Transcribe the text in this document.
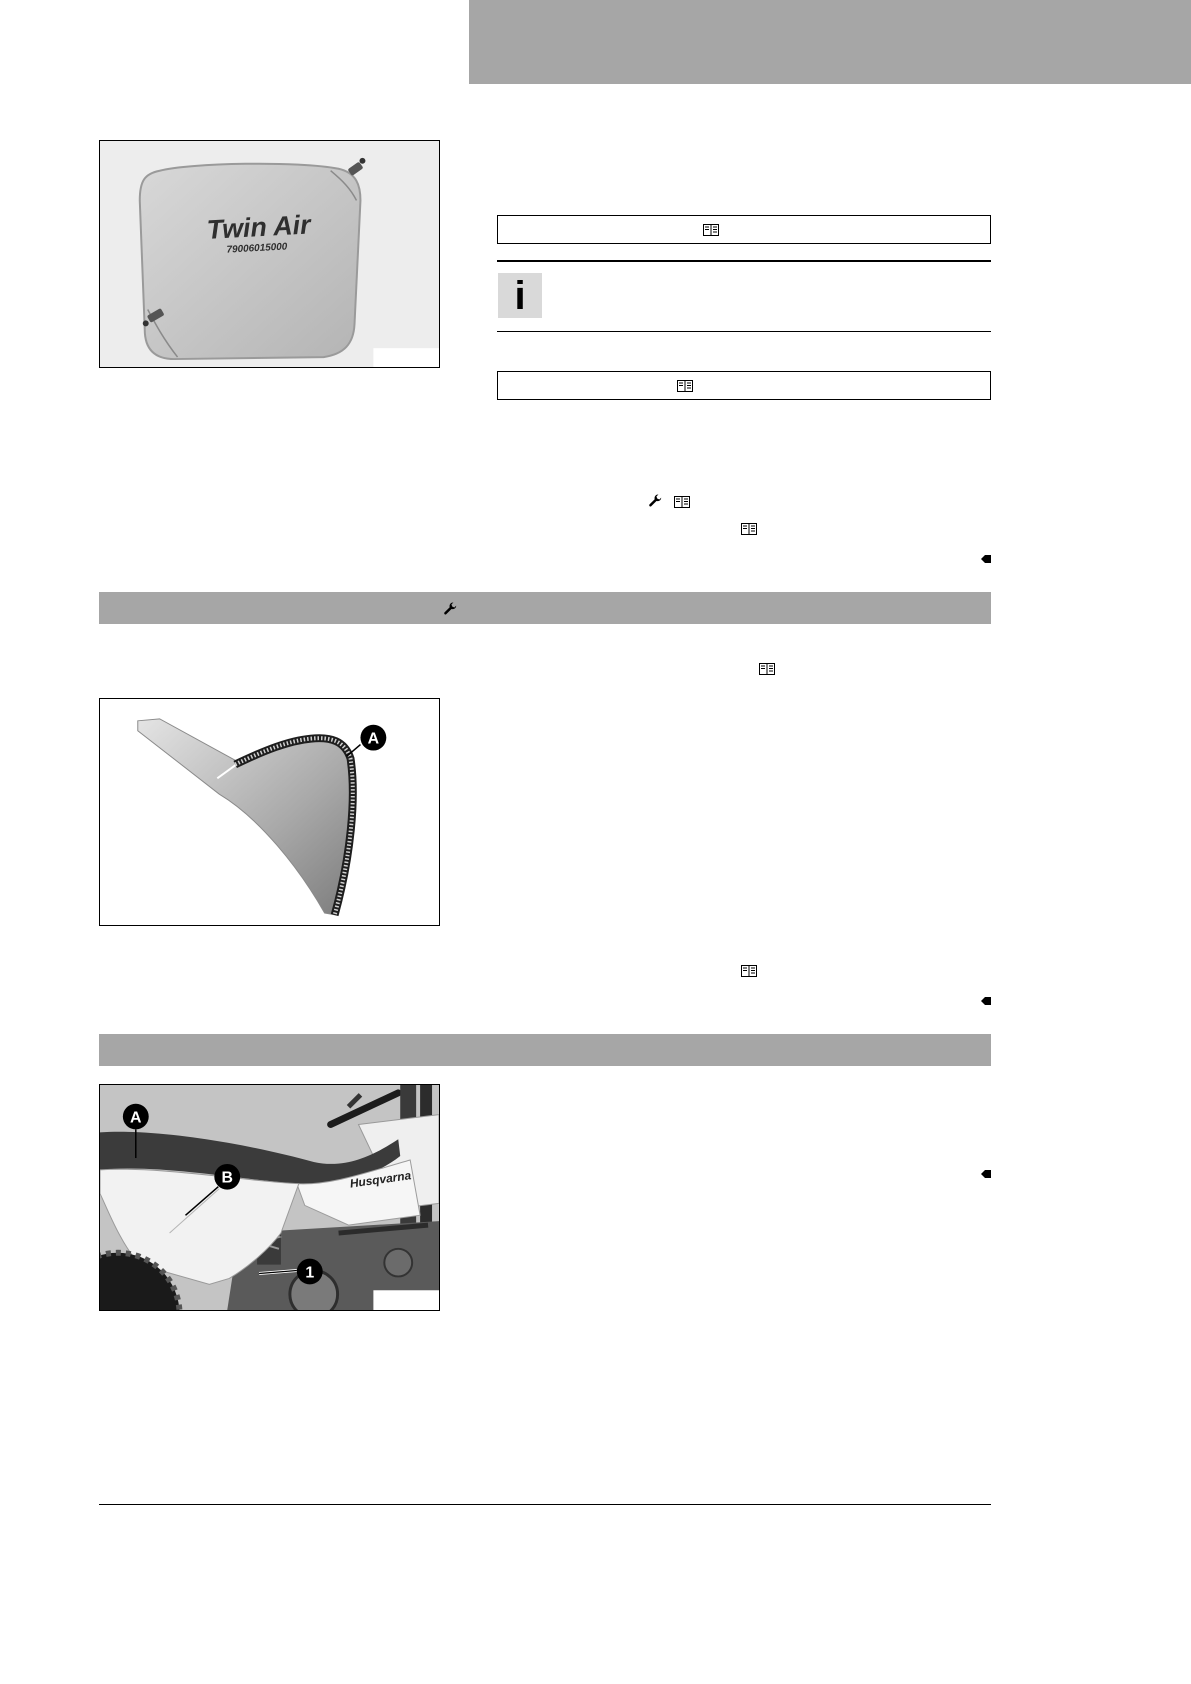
Twin Air
79006015000
i
A
Husqvarna
A
B
1
